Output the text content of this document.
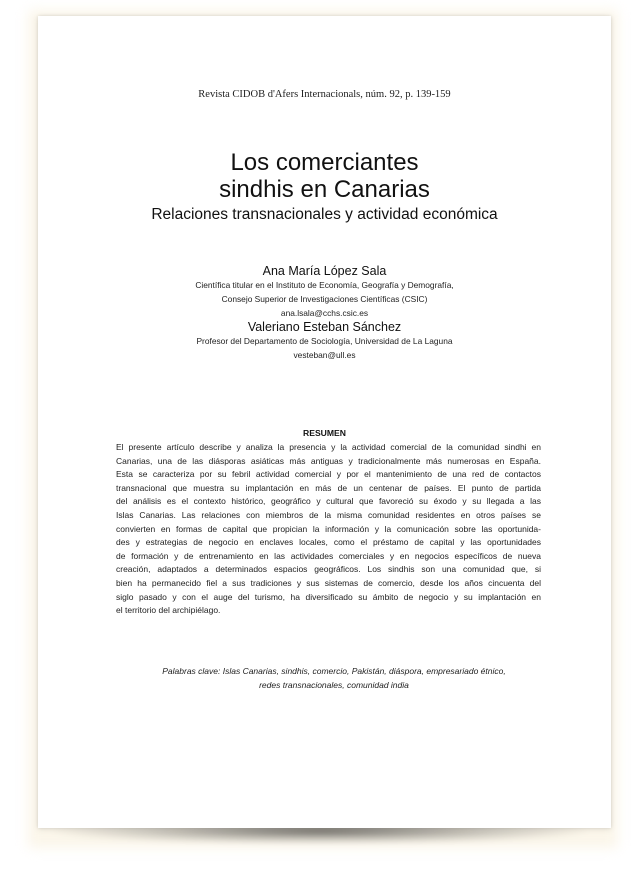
Revista CIDOB d'Afers Internacionals, núm. 92, p. 139-159
Los comerciantes
sindhis en Canarias
Relaciones transnacionales y actividad económica
Ana María López Sala
Científica titular en el Instituto de Economía, Geografía y Demografía,
Consejo Superior de Investigaciones Científicas (CSIC)
ana.lsala@cchs.csic.es
Valeriano Esteban Sánchez
Profesor del Departamento de Sociología, Universidad de La Laguna
vesteban@ull.es
RESUMEN
El presente artículo describe y analiza la presencia y la actividad comercial de la comunidad sindhi en
Canarias, una de las diásporas asiáticas más antiguas y tradicionalmente más numerosas en España.
Esta se caracteriza por su febril actividad comercial y por el mantenimiento de una red de contactos
transnacional que muestra su implantación en más de un centenar de países. El punto de partida
del análisis es el contexto histórico, geográfico y cultural que favoreció su éxodo y su llegada a las
Islas Canarias. Las relaciones con miembros de la misma comunidad residentes en otros países se
convierten en formas de capital que propician la información y la comunicación sobre las oportunida-
des y estrategias de negocio en enclaves locales, como el préstamo de capital y las oportunidades
de formación y de entrenamiento en las actividades comerciales y en negocios específicos de nueva
creación, adaptados a determinados espacios geográficos. Los sindhis son una comunidad que, si
bien ha permanecido fiel a sus tradiciones y sus sistemas de comercio, desde los años cincuenta del
siglo pasado y con el auge del turismo, ha diversificado su ámbito de negocio y su implantación en
el territorio del archipiélago.
Palabras clave: Islas Canarias, sindhis, comercio, Pakistán, diáspora, empresariado étnico,
redes transnacionales, comunidad india
